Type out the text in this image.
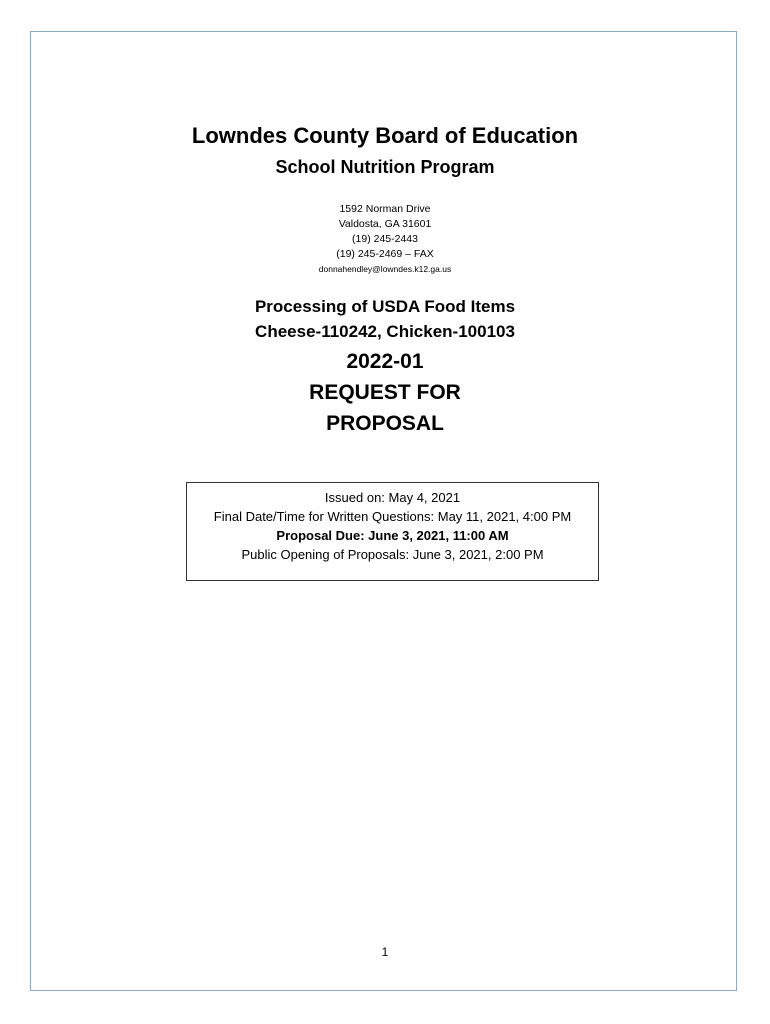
Lowndes County Board of Education
School Nutrition Program
1592 Norman Drive
Valdosta, GA 31601
(19) 245-2443
(19) 245-2469 – FAX
donnahendley@lowndes.k12.ga.us
Processing of USDA Food Items
Cheese-110242, Chicken-100103
2022-01
REQUEST FOR
PROPOSAL
Issued on: May 4, 2021
Final Date/Time for Written Questions: May 11, 2021, 4:00 PM
Proposal Due: June 3, 2021, 11:00 AM
Public Opening of Proposals: June 3, 2021, 2:00 PM
1
